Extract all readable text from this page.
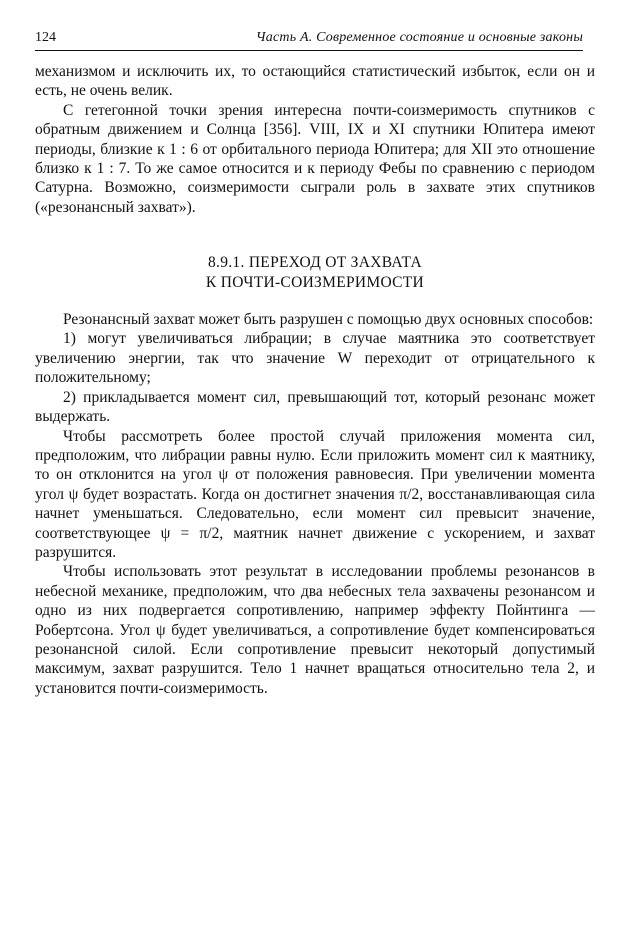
124	Часть А. Современное состояние и основные законы

механизмом и исключить их, то остающийся статистический избыток, если он и есть, не очень велик.

С гетегонной точки зрения интересна почти-соизмеримость спутников с обратным движением и Солнца [356]. VIII, IX и XI спутники Юпитера имеют периоды, близкие к 1 : 6 от орбитального периода Юпитера; для XII это отношение близко к 1 : 7. То же самое относится и к периоду Фебы по сравнению с периодом Сатурна. Возможно, соизмеримости сыграли роль в захвате этих спутников («резонансный захват»).

8.9.1. ПЕРЕХОД ОТ ЗАХВАТА
К ПОЧТИ-СОИЗМЕРИМОСТИ

Резонансный захват может быть разрушен с помощью двух основных способов:

1) могут увеличиваться либрации; в случае маятника это соответствует увеличению энергии, так что значение W переходит от отрицательного к положительному;

2) прикладывается момент сил, превышающий тот, который резонанс может выдержать.

Чтобы рассмотреть более простой случай приложения момента сил, предположим, что либрации равны нулю. Если приложить момент сил к маятнику, то он отклонится на угол ψ от положения равновесия. При увеличении момента угол ψ будет возрастать. Когда он достигнет значения π/2, восстанавливающая сила начнет уменьшаться. Следовательно, если момент сил превысит значение, соответствующее ψ = π/2, маятник начнет движение с ускорением, и захват разрушится.

Чтобы использовать этот результат в исследовании проблемы резонансов в небесной механике, предположим, что два небесных тела захвачены резонансом и одно из них подвергается сопротивлению, например эффекту Пойнтинга — Робертсона. Угол ψ будет увеличиваться, а сопротивление будет компенсироваться резонансной силой. Если сопротивление превысит некоторый допустимый максимум, захват разрушится. Тело 1 начнет вращаться относительно тела 2, и установится почти-соизмеримость.
